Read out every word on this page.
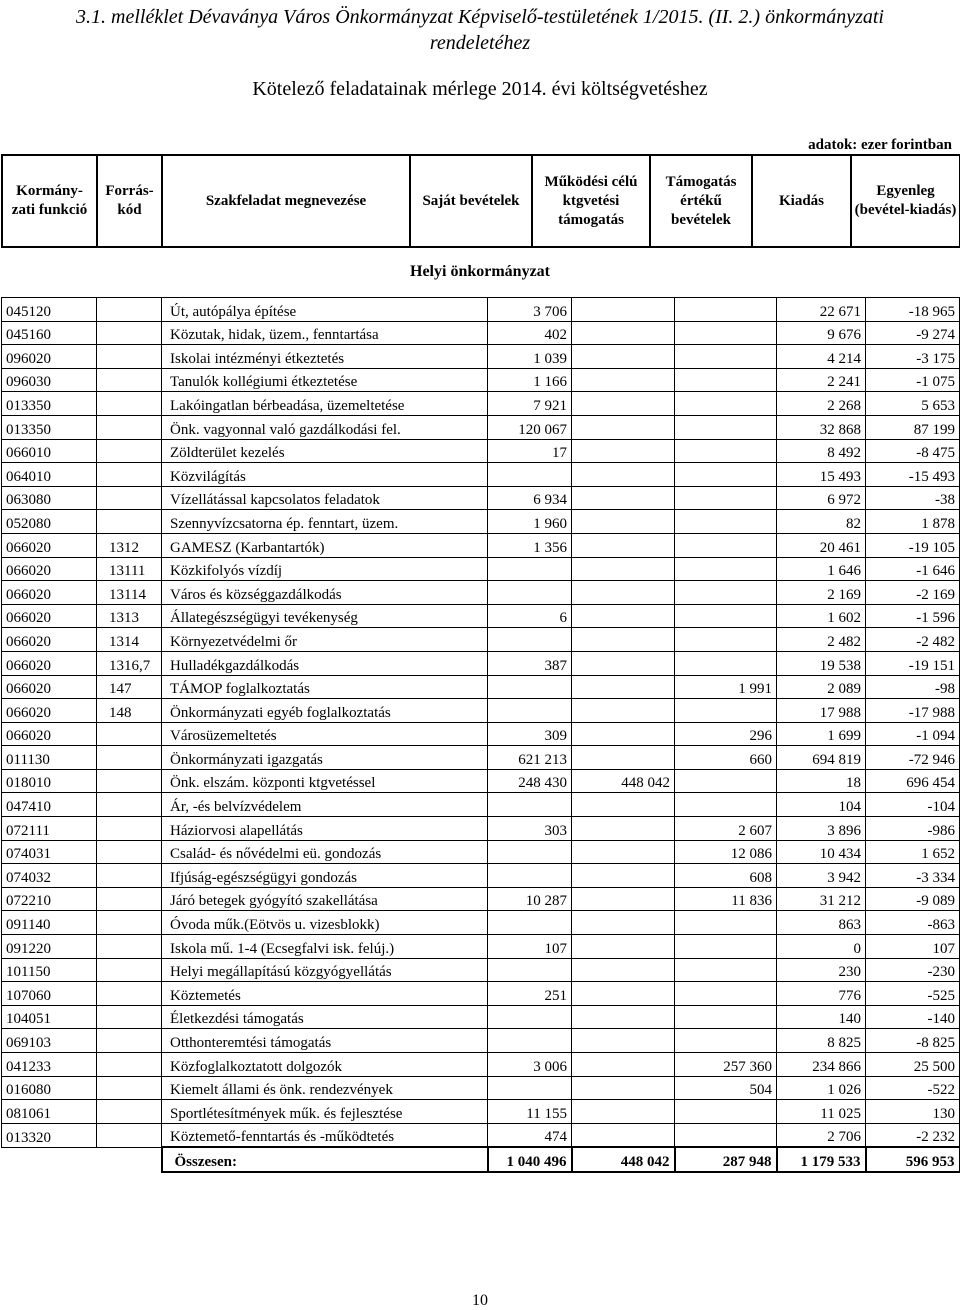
3.1. melléklet Dévaványa Város Önkormányzat Képviselő-testületének 1/2015. (II. 2.) önkormányzati
rendeletéhez
Kötelező feladatainak mérlege 2014. évi költségvetéshez
adatok: ezer forintban
Kormány-zati funkció	Forrás-kód	Szakfeladat megnevezése	Saját bevételek	Működési célú ktgvetési támogatás	Támogatás értékű bevételek	Kiadás	Egyenleg (bevétel-kiadás)
Helyi önkormányzat
045120		Út, autópálya építése	3 706			22 671	-18 965
045160		Közutak, hidak, üzem., fenntartása	402			9 676	-9 274
096020		Iskolai intézményi étkeztetés	1 039			4 214	-3 175
096030		Tanulók kollégiumi étkeztetése	1 166			2 241	-1 075
013350		Lakóingatlan bérbeadása, üzemeltetése	7 921			2 268	5 653
013350		Önk. vagyonnal való gazdálkodási fel.	120 067			32 868	87 199
066010		Zöldterület kezelés	17			8 492	-8 475
064010		Közvilágítás				15 493	-15 493
063080		Vízellátással kapcsolatos feladatok	6 934			6 972	-38
052080		Szennyvízcsatorna ép. fenntart, üzem.	1 960			82	1 878
066020	1312	GAMESZ (Karbantartók)	1 356			20 461	-19 105
066020	13111	Közkifolyós vízdíj				1 646	-1 646
066020	13114	Város és községgazdálkodás				2 169	-2 169
066020	1313	Állategészségügyi tevékenység	6			1 602	-1 596
066020	1314	Környezetvédelmi őr				2 482	-2 482
066020	1316,7	Hulladékgazdálkodás	387			19 538	-19 151
066020	147	TÁMOP foglalkoztatás			1 991	2 089	-98
066020	148	Önkormányzati egyéb foglalkoztatás				17 988	-17 988
066020		Városüzemeltetés	309		296	1 699	-1 094
011130		Önkormányzati igazgatás	621 213		660	694 819	-72 946
018010		Önk. elszám. központi ktgvetéssel	248 430	448 042		18	696 454
047410		Ár, -és belvízvédelem				104	-104
072111		Háziorvosi alapellátás	303		2 607	3 896	-986
074031		Család- és nővédelmi eü. gondozás			12 086	10 434	1 652
074032		Ifjúság-egészségügyi gondozás			608	3 942	-3 334
072210		Járó betegek gyógyító szakellátása	10 287		11 836	31 212	-9 089
091140		Óvoda műk.(Eötvös u. vizesblokk)				863	-863
091220		Iskola mű. 1-4 (Ecsegfalvi isk. felúj.)	107			0	107
101150		Helyi megállapítású közgyógyellátás				230	-230
107060		Köztemetés	251			776	-525
104051		Életkezdési támogatás				140	-140
069103		Otthonteremtési támogatás				8 825	-8 825
041233		Közfoglalkoztatott dolgozók	3 006		257 360	234 866	25 500
016080		Kiemelt állami és önk. rendezvények			504	1 026	-522
081061		Sportlétesítmények műk. és fejlesztése	11 155			11 025	130
013320		Köztemető-fenntartás és -működtetés	474			2 706	-2 232
		Összesen:	1 040 496	448 042	287 948	1 179 533	596 953
10
